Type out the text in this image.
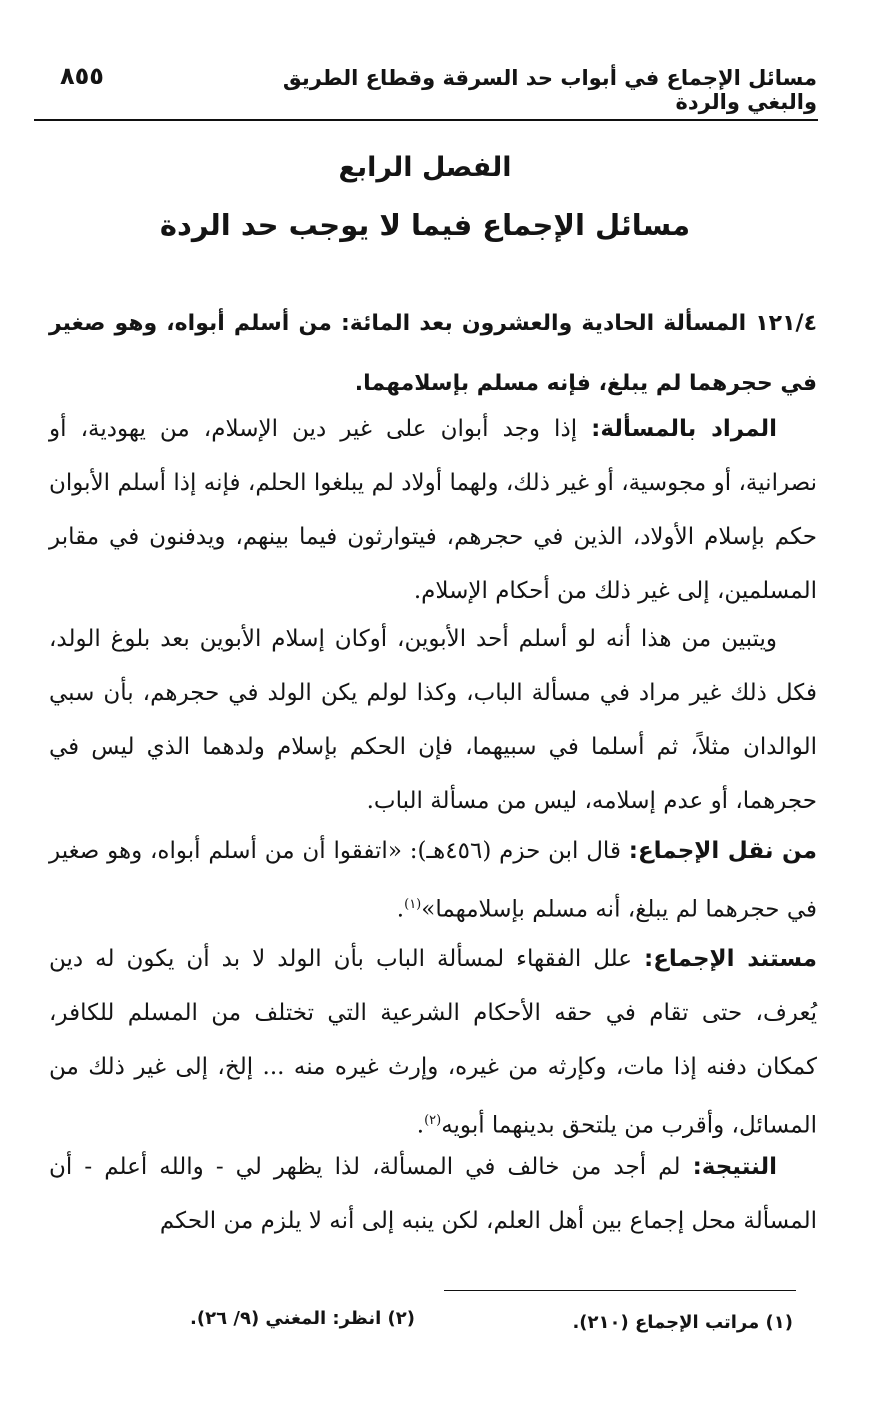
مسائل الإجماع في أبواب حد السرقة وقطاع الطريق والبغي والردة
٨٥٥
الفصل الرابع
مسائل الإجماع فيما لا يوجب حد الردة

١٢١/٤ المسألة الحادية والعشرون بعد المائة: من أسلم أبواه، وهو صغير في حجرهما لم يبلغ، فإنه مسلم بإسلامهما.

المراد بالمسألة: إذا وجد أبوان على غير دين الإسلام، من يهودية، أو نصرانية، أو مجوسية، أو غير ذلك، ولهما أولاد لم يبلغوا الحلم، فإنه إذا أسلم الأبوان حكم بإسلام الأولاد، الذين في حجرهم، فيتوارثون فيما بينهم، ويدفنون في مقابر المسلمين، إلى غير ذلك من أحكام الإسلام.

ويتبين من هذا أنه لو أسلم أحد الأبوين، أوكان إسلام الأبوين بعد بلوغ الولد، فكل ذلك غير مراد في مسألة الباب، وكذا لولم يكن الولد في حجرهم، بأن سبي الوالدان مثلاً، ثم أسلما في سبيهما، فإن الحكم بإسلام ولدهما الذي ليس في حجرهما، أو عدم إسلامه، ليس من مسألة الباب.

من نقل الإجماع: قال ابن حزم (٤٥٦هـ): «اتفقوا أن من أسلم أبواه، وهو صغير في حجرهما لم يبلغ، أنه مسلم بإسلامهما»$^{(١)}$.

مستند الإجماع: علل الفقهاء لمسألة الباب بأن الولد لا بد أن يكون له دين يُعرف، حتى تقام في حقه الأحكام الشرعية التي تختلف من المسلم للكافر، كمكان دفنه إذا مات، وكإرثه من غيره، وإرث غيره منه ... إلخ، إلى غير ذلك من المسائل، وأقرب من يلتحق بدينهما أبويه$^{(٢)}$.

النتيجة: لم أجد من خالف في المسألة، لذا يظهر لي - والله أعلم - أن المسألة محل إجماع بين أهل العلم، لكن ينبه إلى أنه لا يلزم من الحكم

(١) مراتب الإجماع (٢١٠).
(٢) انظر: المغني (٩/ ٢٦).
